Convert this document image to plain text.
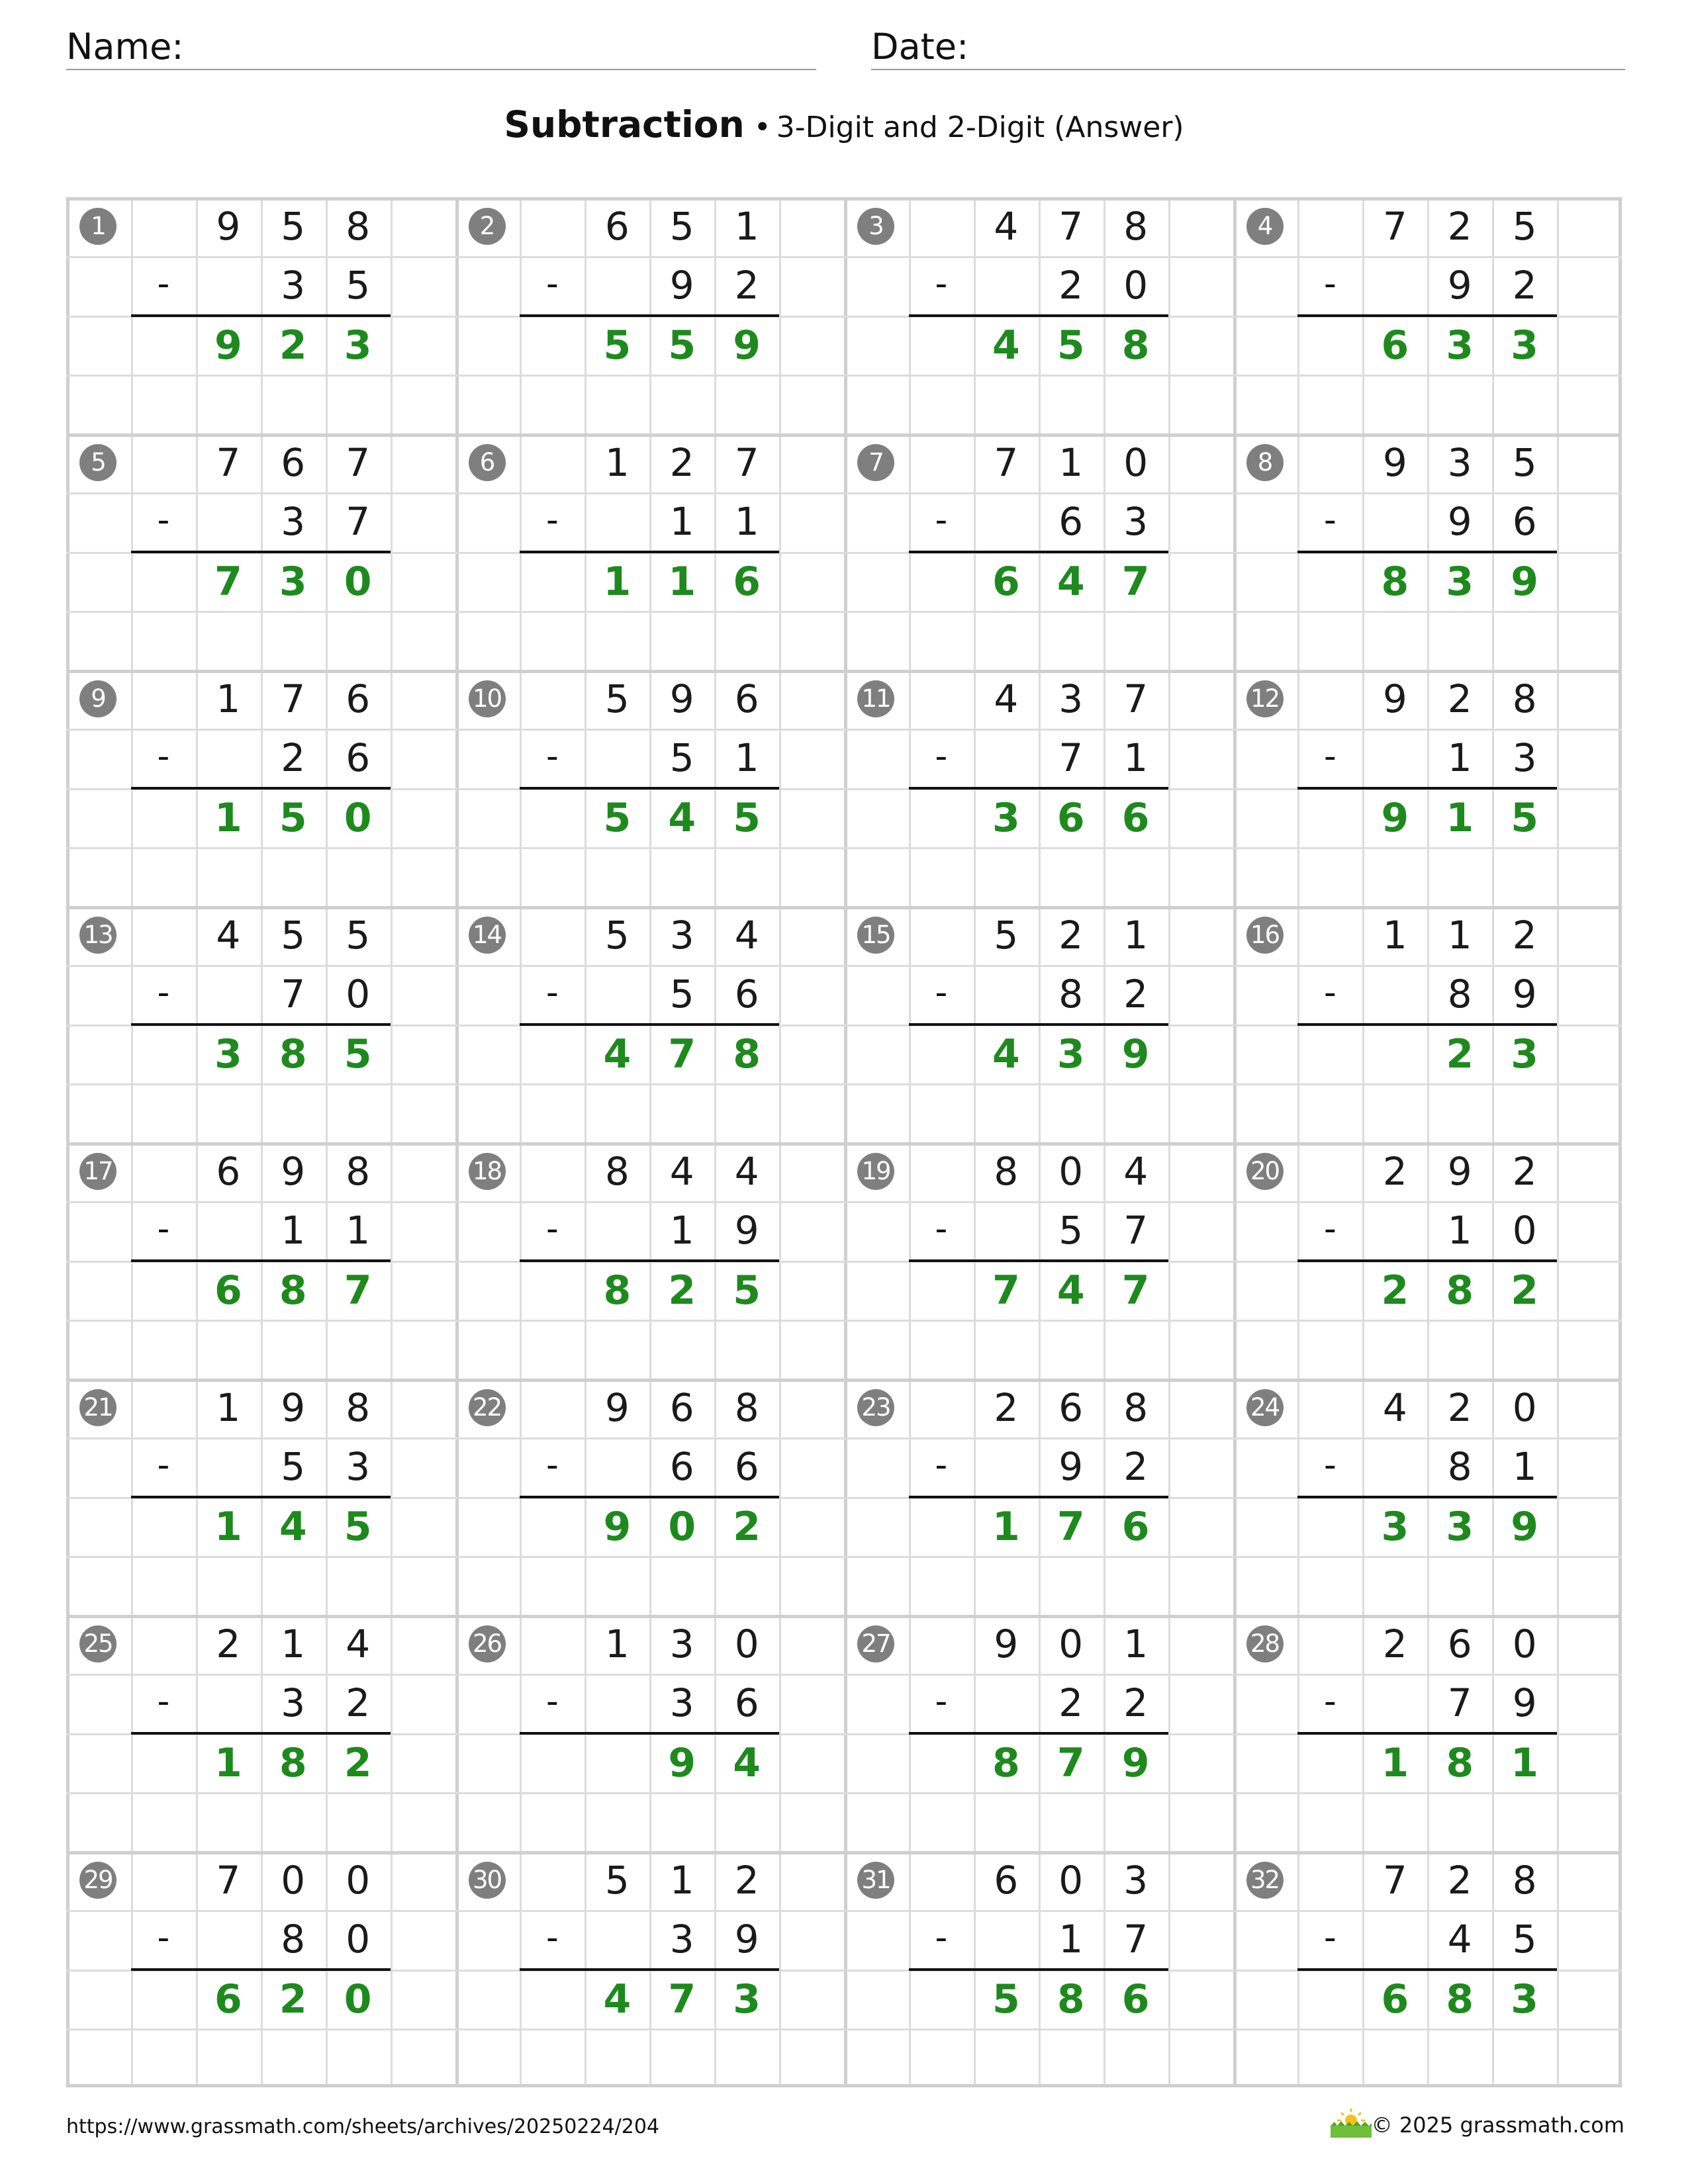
Name:	Date:
Subtraction • 3-Digit and 2-Digit (Answer)
1	9	5	8
3	5
-
9 2 3
2	6	5	1
9	2
-
5 5 9
3	4	7	8
2	0
-
4 5 8
4	7	2	5
9	2
-
6 3 3
5	7	6	7
3	7
-
7 3 0
6	1	2	7
1	1
-
1 1 6
7	7	1	0
6	3
-
6 4 7
8	9	3	5
9	6
-
8 3 9
9	1	7	6
2	6
-
1 5 0
10	5	9	6
5	1
-
5 4 5
11	4	3	7
7	1
-
3 6 6
12	9	2	8
1	3
-
9 1 5
13	4	5	5
7	0
-
3 8 5
14	5	3	4
5	6
-
4 7 8
15	5	2	1
8	2
-
4 3 9
16	1	1	2
8	9
-
2 3
17	6	9	8
1	1
-
6 8 7
18	8	4	4
1	9
-
8 2 5
19	8	0	4
5	7
-
7 4 7
20	2	9	2
1	0
-
2 8 2
21	1	9	8
5	3
-
1 4 5
22	9	6	8
6	6
-
9 0 2
23	2	6	8
9	2
-
1 7 6
24	4	2	0
8	1
-
3 3 9
25	2	1	4
3	2
-
1 8 2
26	1	3	0
3	6
-
9 4
27	9	0	1
2	2
-
8 7 9
28	2	6	0
7	9
-
1 8 1
29	7	0	0
8	0
-
6 2 0
30	5	1	2
3	9
-
4 7 3
31	6	0	3
1	7
-
5 8 6
32	7	2	8
4	5
-
6 8 3
https://www.grassmath.com/sheets/archives/20250224/204	© 2025 grassmath.com
